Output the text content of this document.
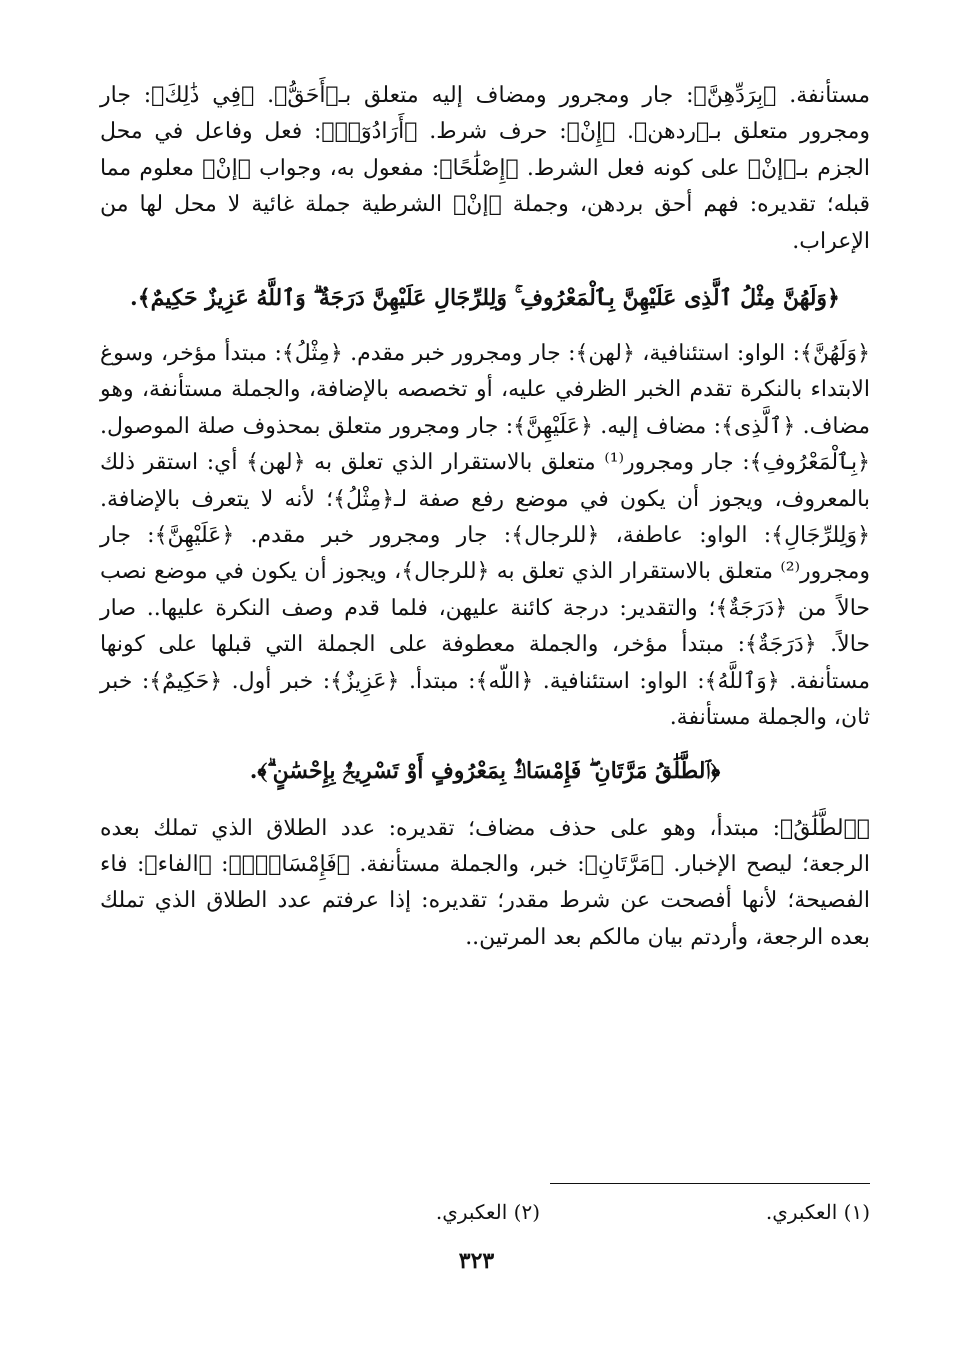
مستأنفة. ﴿بِرَدِّهِنَّ﴾: جار ومجرور ومضاف إليه متعلق بـ﴿أَحَقُّ﴾. ﴿فِي ذَٰلِكَ﴾: جار ومجرور متعلق بـ﴿ردهن﴾. ﴿إِنْ﴾: حرف شرط. ﴿أَرَادُوٓا۟﴾: فعل وفاعل في محل الجزم بـ﴿إنْ﴾ على كونه فعل الشرط. ﴿إِصْلَٰحًا﴾: مفعول به، وجواب ﴿إنْ﴾ معلوم مما قبله؛ تقديره: فهم أحق بردهن، وجملة ﴿إنْ﴾ الشرطية جملة غائية لا محل لها من الإعراب.

﴿وَلَهُنَّ مِثْلُ ٱلَّذِى عَلَيْهِنَّ بِٱلْمَعْرُوفِ ۚ وَلِلرِّجَالِ عَلَيْهِنَّ دَرَجَةٌ ۗ وَٱللَّهُ عَزِيزٌ حَكِيمٌ﴾.

﴿وَلَهُنَّ﴾: الواو: استئنافية، ﴿لهن﴾: جار ومجرور خبر مقدم. ﴿مِثْلُ﴾: مبتدأ مؤخر، وسوغ الابتداء بالنكرة تقدم الخبر الظرفي عليه، أو تخصصه بالإضافة، والجملة مستأنفة، وهو مضاف. ﴿ٱلَّذِى﴾: مضاف إليه. ﴿عَلَيْهِنَّ﴾: جار ومجرور متعلق بمحذوف صلة الموصول. ﴿بِٱلْمَعْرُوفِ﴾: جار ومجرور⁽¹⁾ متعلق بالاستقرار الذي تعلق به ﴿لهن﴾ أي: استقر ذلك بالمعروف، ويجوز أن يكون في موضع رفع صفة لـ﴿مِثْلُ﴾؛ لأنه لا يتعرف بالإضافة. ﴿وَلِلرِّجَالِ﴾: الواو: عاطفة، ﴿للرجال﴾: جار ومجرور خبر مقدم. ﴿عَلَيْهِنَّ﴾: جار ومجرور⁽²⁾ متعلق بالاستقرار الذي تعلق به ﴿للرجال﴾، ويجوز أن يكون في موضع نصب حالاً من ﴿دَرَجَةٌ﴾؛ والتقدير: درجة كائنة عليهن، فلما قدم وصف النكرة عليها.. صار حالاً. ﴿دَرَجَةٌ﴾: مبتدأ مؤخر، والجملة معطوفة على الجملة التي قبلها على كونها مستأنفة. ﴿وَٱللَّهُ﴾: الواو: استئنافية. ﴿اللّه﴾: مبتدأ. ﴿عَزِيزٌ﴾: خبر أول. ﴿حَكِيمٌ﴾: خبر ثان، والجملة مستأنفة.

﴿ٱلطَّلَٰقُ مَرَّتَانِ ۖ فَإِمْسَاكٌۢ بِمَعْرُوفٍ أَوْ تَسْرِيحٌۢ بِإِحْسَٰنٍ ۗ﴾.

﴿ٱلطَّلَٰقُ﴾: مبتدأ، وهو على حذف مضاف؛ تقديره: عدد الطلاق الذي تملك بعده الرجعة؛ ليصح الإخبار. ﴿مَرَّتَانِ﴾: خبر، والجملة مستأنفة. ﴿فَإِمْسَاكٌۢ﴾: ﴿الفاء﴾: فاء الفصيحة؛ لأنها أفصحت عن شرط مقدر؛ تقديره: إذا عرفتم عدد الطلاق الذي تملك بعده الرجعة، وأردتم بيان مالكم بعد المرتين..

(١) العكبري.
(٢) العكبري.
٣٢٣
